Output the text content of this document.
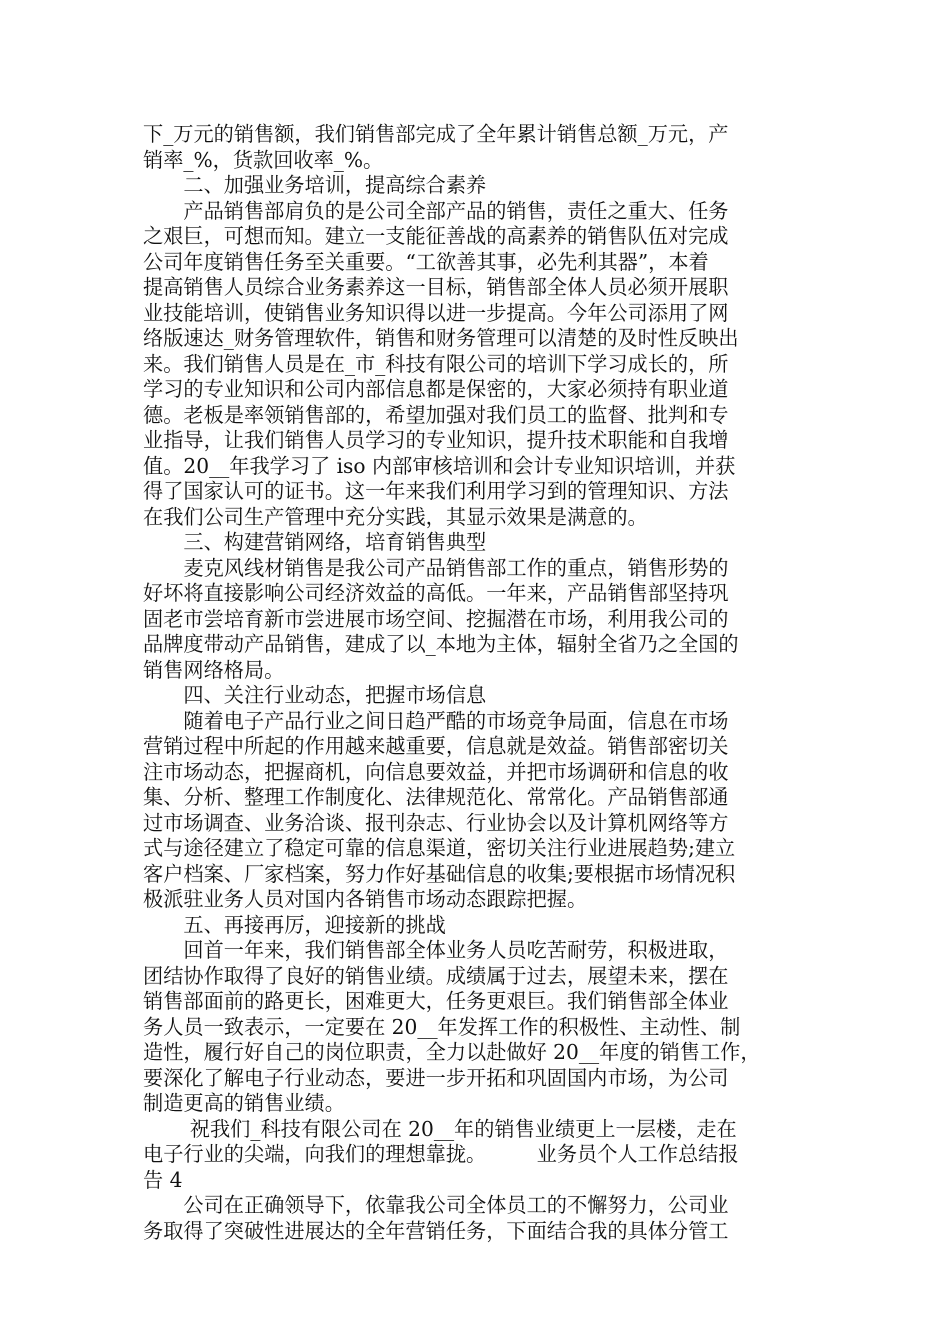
下_万元的销售额，我们销售部完成了全年累计销售总额_万元，产
销率_%，货款回收率_%。
　　二、加强业务培训，提高综合素养
　　产品销售部肩负的是公司全部产品的销售，责任之重大、任务
之艰巨，可想而知。建立一支能征善战的高素养的销售队伍对完成
公司年度销售任务至关重要。“工欲善其事，必先利其器”，本着
提高销售人员综合业务素养这一目标，销售部全体人员必须开展职
业技能培训，使销售业务知识得以进一步提高。今年公司添用了网
络版速达_财务管理软件，销售和财务管理可以清楚的及时性反映出
来。我们销售人员是在_市_科技有限公司的培训下学习成长的，所
学习的专业知识和公司内部信息都是保密的，大家必须持有职业道
德。老板是率领销售部的，希望加强对我们员工的监督、批判和专
业指导，让我们销售人员学习的专业知识，提升技术职能和自我增
值。20__年我学习了 iso 内部审核培训和会计专业知识培训，并获
得了国家认可的证书。这一年来我们利用学习到的管理知识、方法
在我们公司生产管理中充分实践，其显示效果是满意的。
　　三、构建营销网络，培育销售典型
　　麦克风线材销售是我公司产品销售部工作的重点，销售形势的
好坏将直接影响公司经济效益的高低。一年来，产品销售部坚持巩
固老市尝培育新市尝进展市场空间、挖掘潜在市场，利用我公司的
品牌度带动产品销售，建成了以_本地为主体，辐射全省乃之全国的
销售网络格局。
　　四、关注行业动态，把握市场信息
　　随着电子产品行业之间日趋严酷的市场竞争局面，信息在市场
营销过程中所起的作用越来越重要，信息就是效益。销售部密切关
注市场动态，把握商机，向信息要效益，并把市场调研和信息的收
集、分析、整理工作制度化、法律规范化、常常化。产品销售部通
过市场调查、业务洽谈、报刊杂志、行业协会以及计算机网络等方
式与途径建立了稳定可靠的信息渠道，密切关注行业进展趋势;建立
客户档案、厂家档案，努力作好基础信息的收集;要根据市场情况积
极派驻业务人员对国内各销售市场动态跟踪把握。
　　五、再接再厉，迎接新的挑战
　　回首一年来，我们销售部全体业务人员吃苦耐劳，积极进取，
团结协作取得了良好的销售业绩。成绩属于过去，展望未来，摆在
销售部面前的路更长，困难更大，任务更艰巨。我们销售部全体业
务人员一致表示，一定要在 20__年发挥工作的积极性、主动性、制
造性，履行好自己的岗位职责，全力以赴做好 20__年度的销售工作，
要深化了解电子行业动态，要进一步开拓和巩固国内市场，为公司
制造更高的销售业绩。
　　 祝我们_科技有限公司在 20__年的销售业绩更上一层楼，走在
电子行业的尖端，向我们的理想靠拢。　　　业务员个人工作总结报
告 4
　　公司在正确领导下，依靠我公司全体员工的不懈努力，公司业
务取得了突破性进展达的全年营销任务，下面结合我的具体分管工
